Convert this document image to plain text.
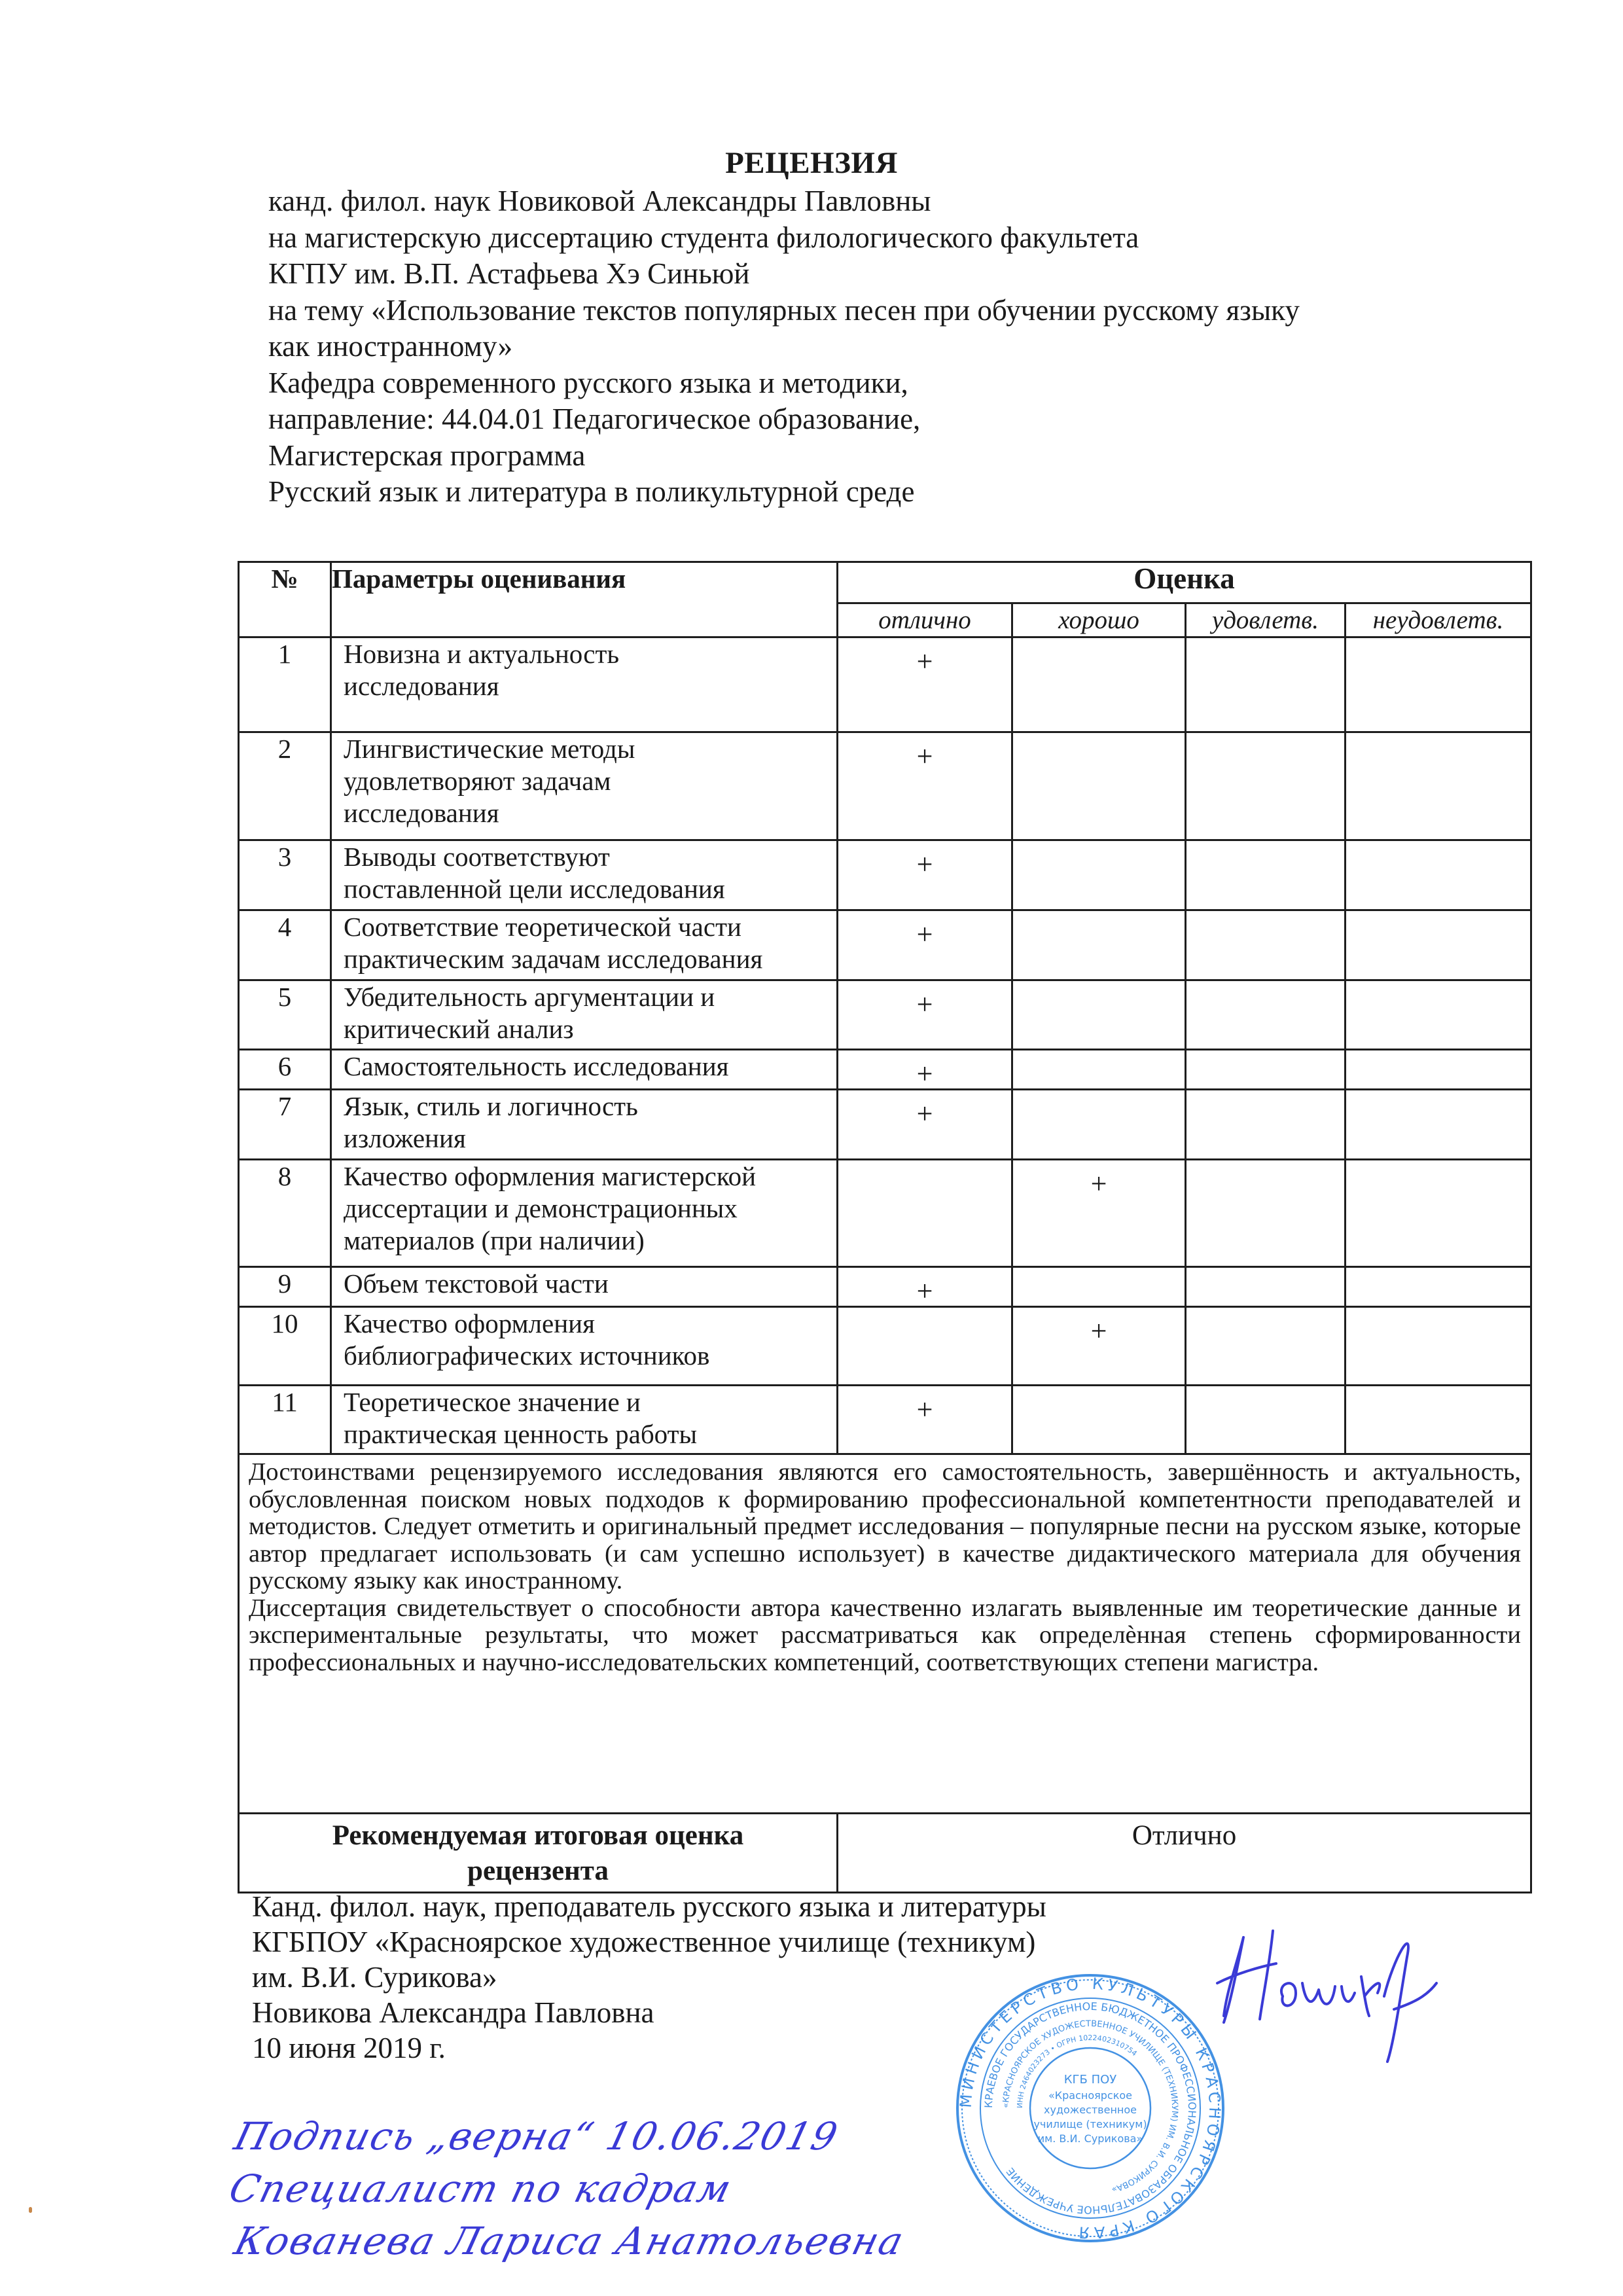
РЕЦЕНЗИЯ
канд. филол. наук Новиковой Александры Павловны
на магистерскую диссертацию студента филологического факультета
КГПУ им. В.П. Астафьева Хэ Синьюй
на тему «Использование текстов популярных песен при обучении русскому языку
как иностранному»
Кафедра современного русского языка и методики,
направление: 44.04.01 Педагогическое образование,
Магистерская программа
Русский язык и литература в поликультурной среде
№	Параметры оценивания	Оценка			
		отлично	хорошо	удовлетв.	неудовлетв.
1	Новизна и актуальность
исследования	+			
2	Лингвистические методы
удовлетворяют задачам
исследования	+			
3	Выводы соответствуют
поставленной цели исследования	+			
4	Соответствие теоретической части
практическим задачам исследования	+			
5	Убедительность аргументации и
критический анализ	+			
6	Самостоятельность исследования	+			
7	Язык, стиль и логичность
изложения	+			
8	Качество оформления магистерской
диссертации и демонстрационных
материалов (при наличии)		+		
9	Объем текстовой части	+			
10	Качество оформления
библиографических источников		+		
11	Теоретическое значение и
практическая ценность работы	+			

Достоинствами рецензируемого исследования являются его самостоятельность, завершённость и актуальность, обусловленная поиском новых подходов к формированию профессиональной компетентности преподавателей и методистов. Следует отметить и оригинальный предмет исследования – популярные песни на русском языке, которые автор предлагает использовать (и сам успешно использует) в качестве дидактического материала для обучения русскому языку как иностранному.

Диссертация свидетельствует о способности автора качественно излагать выявленные им теоретические данные и экспериментальные результаты, что может рассматриваться как определѐнная степень сформированности профессиональных и научно-исследовательских компетенций, соответствующих степени магистра.					

Рекомендуемая итоговая оценка
рецензента		Отлично			
Канд. филол. наук, преподаватель русского языка и литературы
КГБПОУ «Красноярское художественное училище (техникум)
им. В.И. Сурикова»
Новикова Александра Павловна
10 июня 2019 г.
МИНИСТЕРСТВО КУЛЬТУРЫ КРАСНОЯРСКОГО КРАЯ
КРАЕВОЕ ГОСУДАРСТВЕННОЕ БЮДЖЕТНОЕ ПРОФЕССИОНАЛЬНОЕ ОБРАЗОВАТЕЛЬНОЕ УЧРЕЖДЕНИЕ
«КРАСНОЯРСКОЕ ХУДОЖЕСТВЕННОЕ УЧИЛИЩЕ (ТЕХНИКУМ) ИМ. В.И. СУРИКОВА»
ИНН 2464023273 • ОГРН 1022402310754
КГБ ПОУ
«Красноярское
художественное
училище (техникум)
им. В.И. Сурикова»
Подпись „верна“ 10.06.2019
Специалист по кадрам
Кованева Лариса Анатольевна
